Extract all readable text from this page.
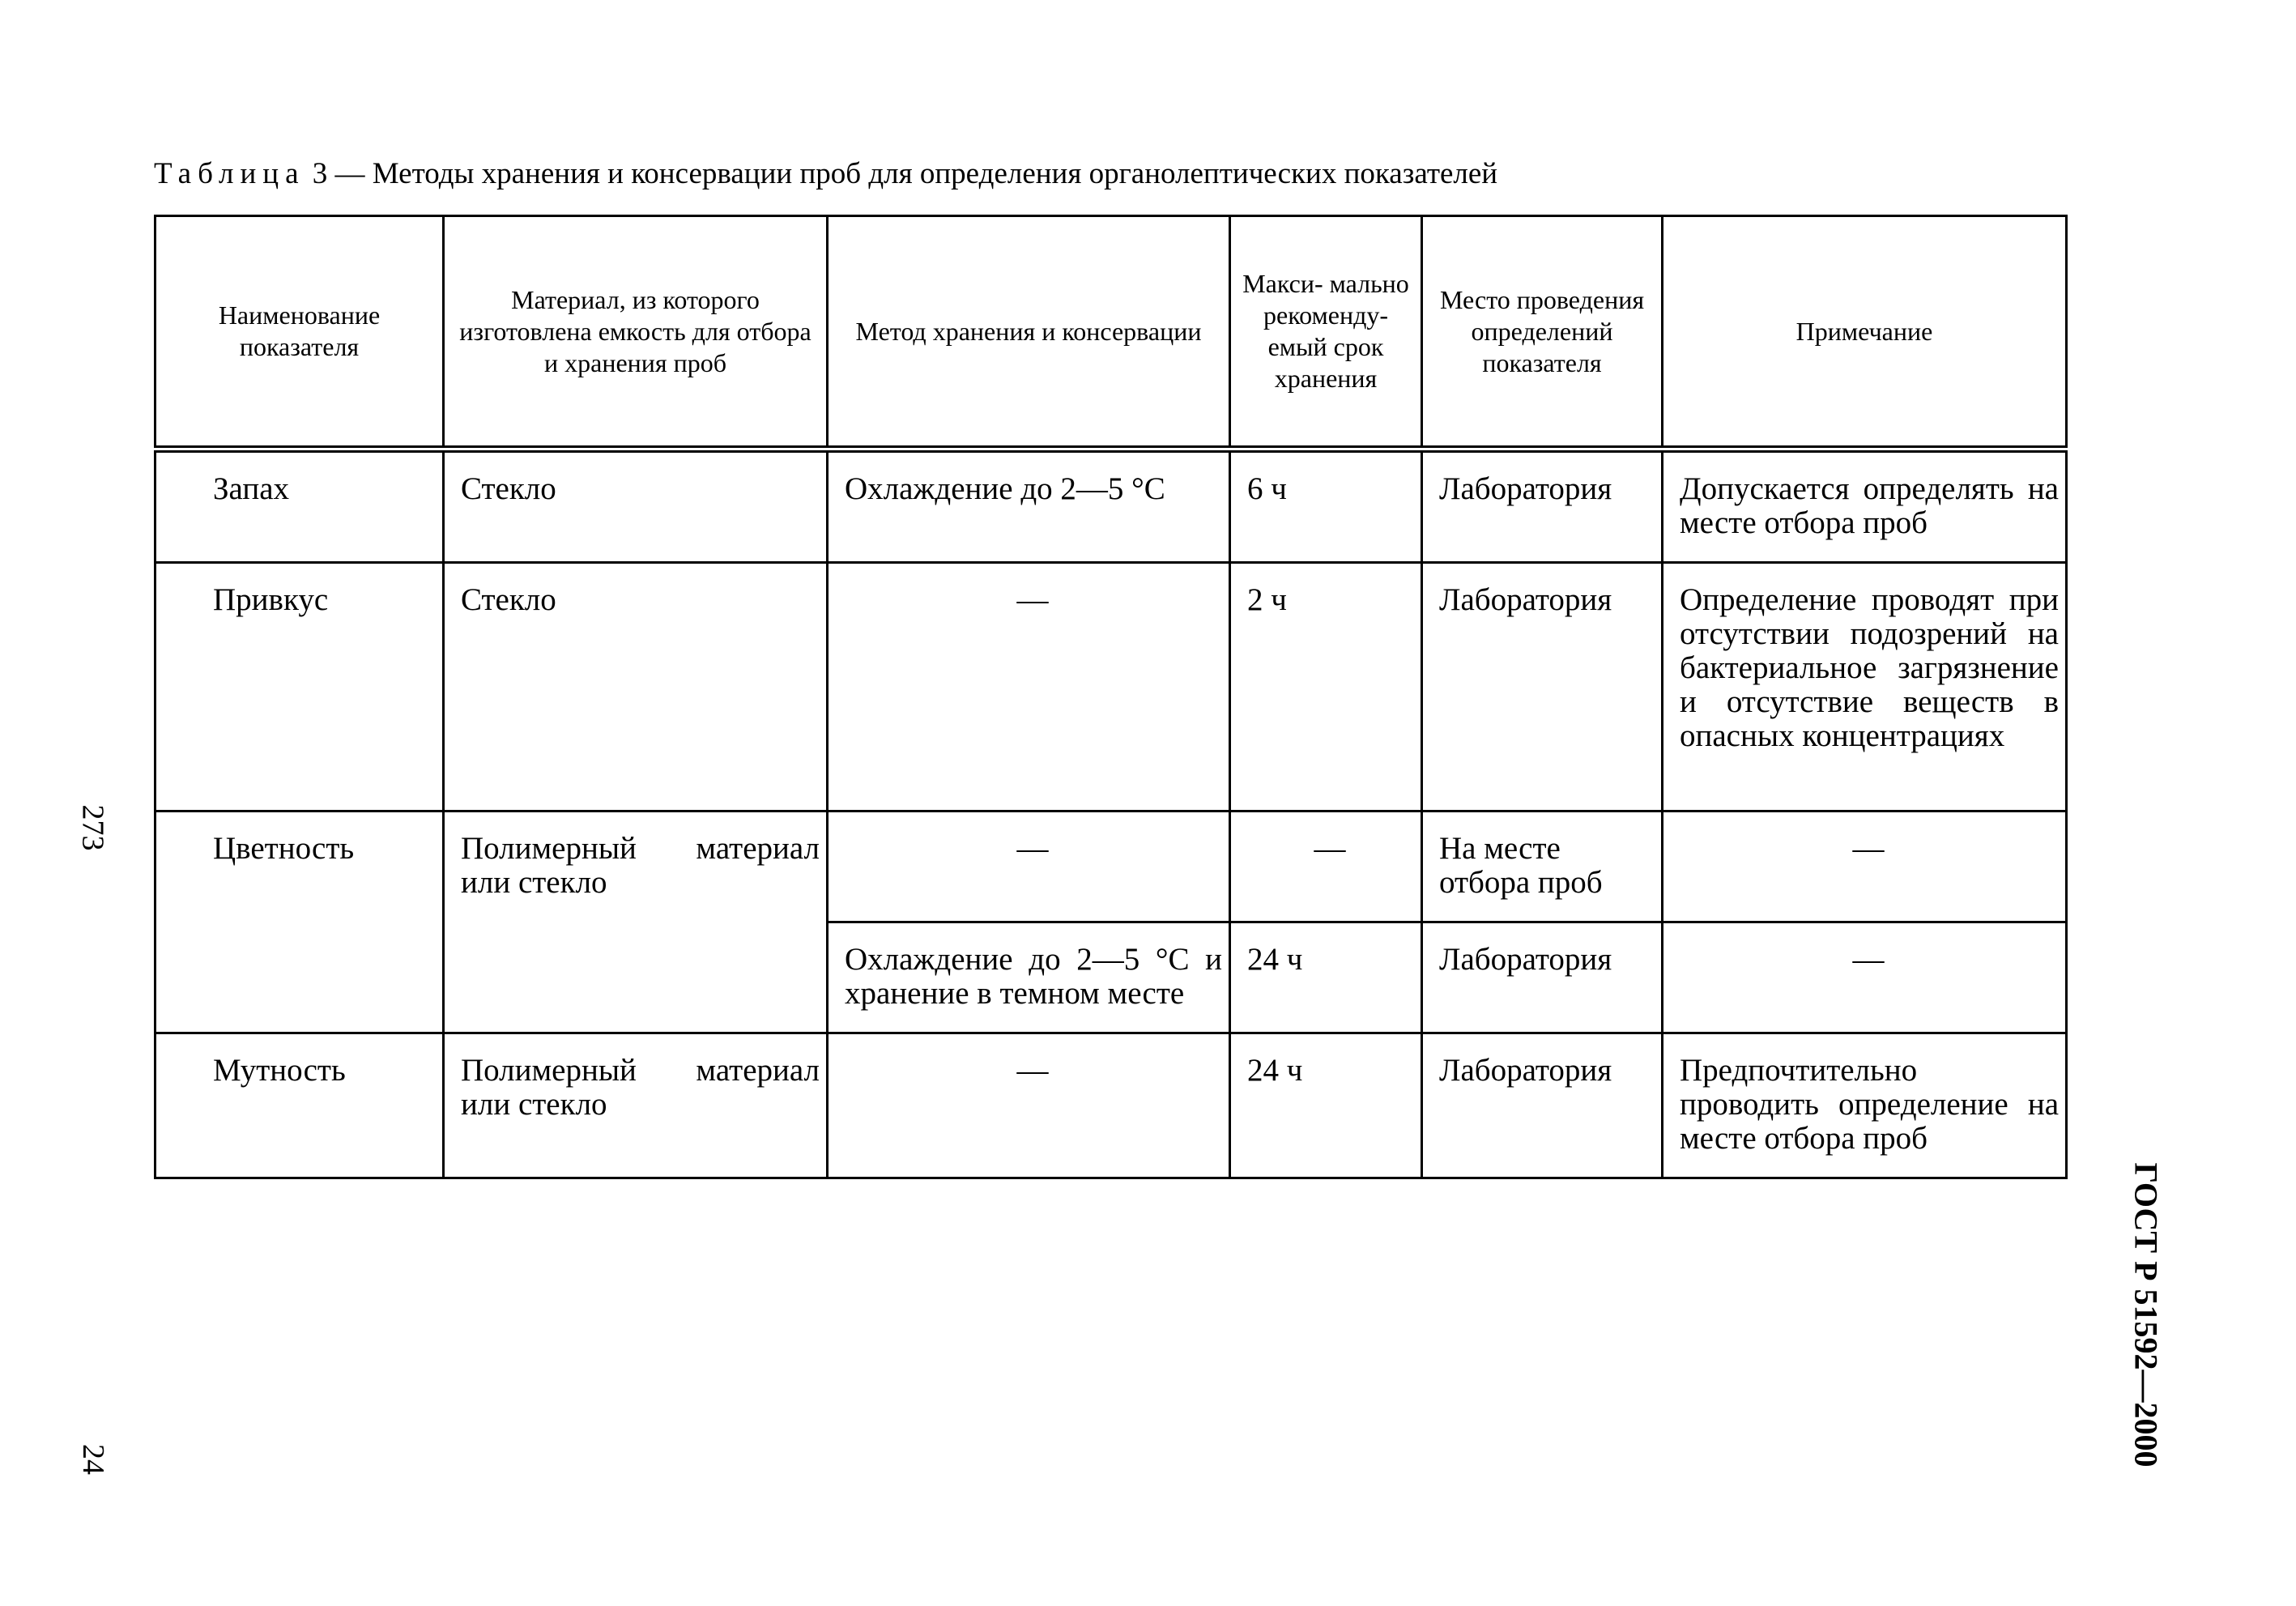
Таблица 3 — Методы хранения и консервации проб для определения органолептических показателей
Наименование показателя	Материал, из которого изготовлена емкость для отбора и хранения проб	Метод хранения и консервации	Макси- мально рекоменду- емый срок хранения	Место проведения определений показателя	Примечание
Запах	Стекло	Охлаждение до 2—5 °С	6 ч	Лаборатория	Допускается определять на месте отбора проб
Привкус	Стекло	—	2 ч	Лаборатория	Определение проводят при отсутствии подозрений на бактериальное загрязнение и отсутствие веществ в опасных концентрациях
Цветность	Полимерный материал или стекло	—	—	На месте отбора проб	—
		Охлаждение до 2—5 °С и хранение в темном месте	24 ч	Лаборатория	—
Мутность	Полимерный материал или стекло	—	24 ч	Лаборатория	Предпочтительно проводить определение на месте отбора проб
273
24	ГОСТ Р 51592—2000
